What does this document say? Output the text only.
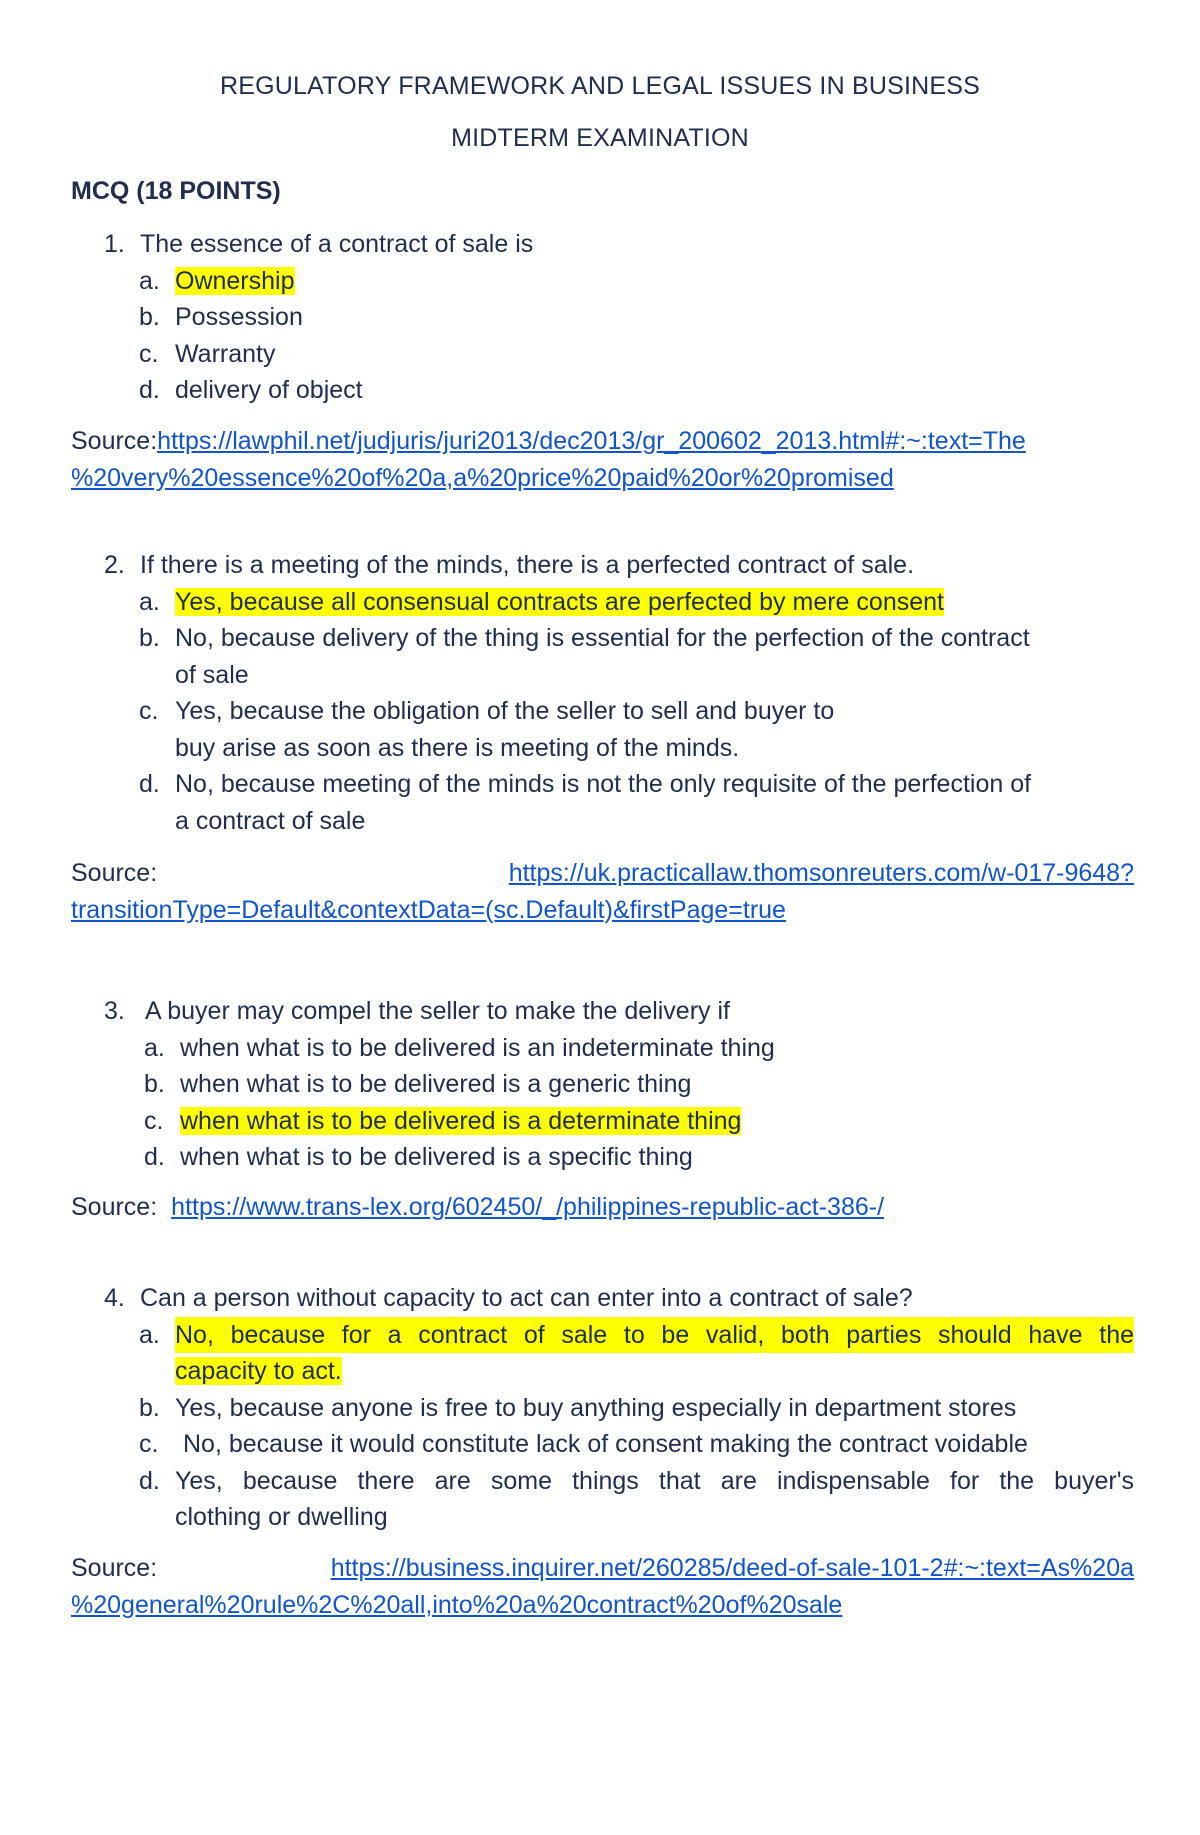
REGULATORY FRAMEWORK AND LEGAL ISSUES IN BUSINESS
MIDTERM EXAMINATION
MCQ (18 POINTS)
1. The essence of a contract of sale is
a. Ownership
b. Possession
c. Warranty
d. delivery of object
Source: https://lawphil.net/judjuris/juri2013/dec2013/gr_200602_2013.html#:~:text=The
%20very%20essence%20of%20a,a%20price%20paid%20or%20promised
2. If there is a meeting of the minds, there is a perfected contract of sale.
a. Yes, because all consensual contracts are perfected by mere consent
b. No, because delivery of the thing is essential for the perfection of the contract
of sale
c. Yes, because the obligation of the seller to sell and buyer to
buy arise as soon as there is meeting of the minds.
d. No, because meeting of the minds is not the only requisite of the perfection of
a contract of sale
Source:	https://uk.practicallaw.thomsonreuters.com/w-017-9648?
transitionType=Default&contextData=(sc.Default)&firstPage=true
3. A buyer may compel the seller to make the delivery if
a. when what is to be delivered is an indeterminate thing
b. when what is to be delivered is a generic thing
c. when what is to be delivered is a determinate thing
d. when what is to be delivered is a specific thing
Source: https://www.trans-lex.org/602450/_/philippines-republic-act-386-/
4. Can a person without capacity to act can enter into a contract of sale?
a. No, because for a contract of sale to be valid, both parties should have the capacity to act.
b. Yes, because anyone is free to buy anything especially in department stores
c. No, because it would constitute lack of consent making the contract voidable
d. Yes, because there are some things that are indispensable for the buyer's
clothing or dwelling
Source:	https://business.inquirer.net/260285/deed-of-sale-101-2#:~:text=As%20a
%20general%20rule%2C%20all,into%20a%20contract%20of%20sale
